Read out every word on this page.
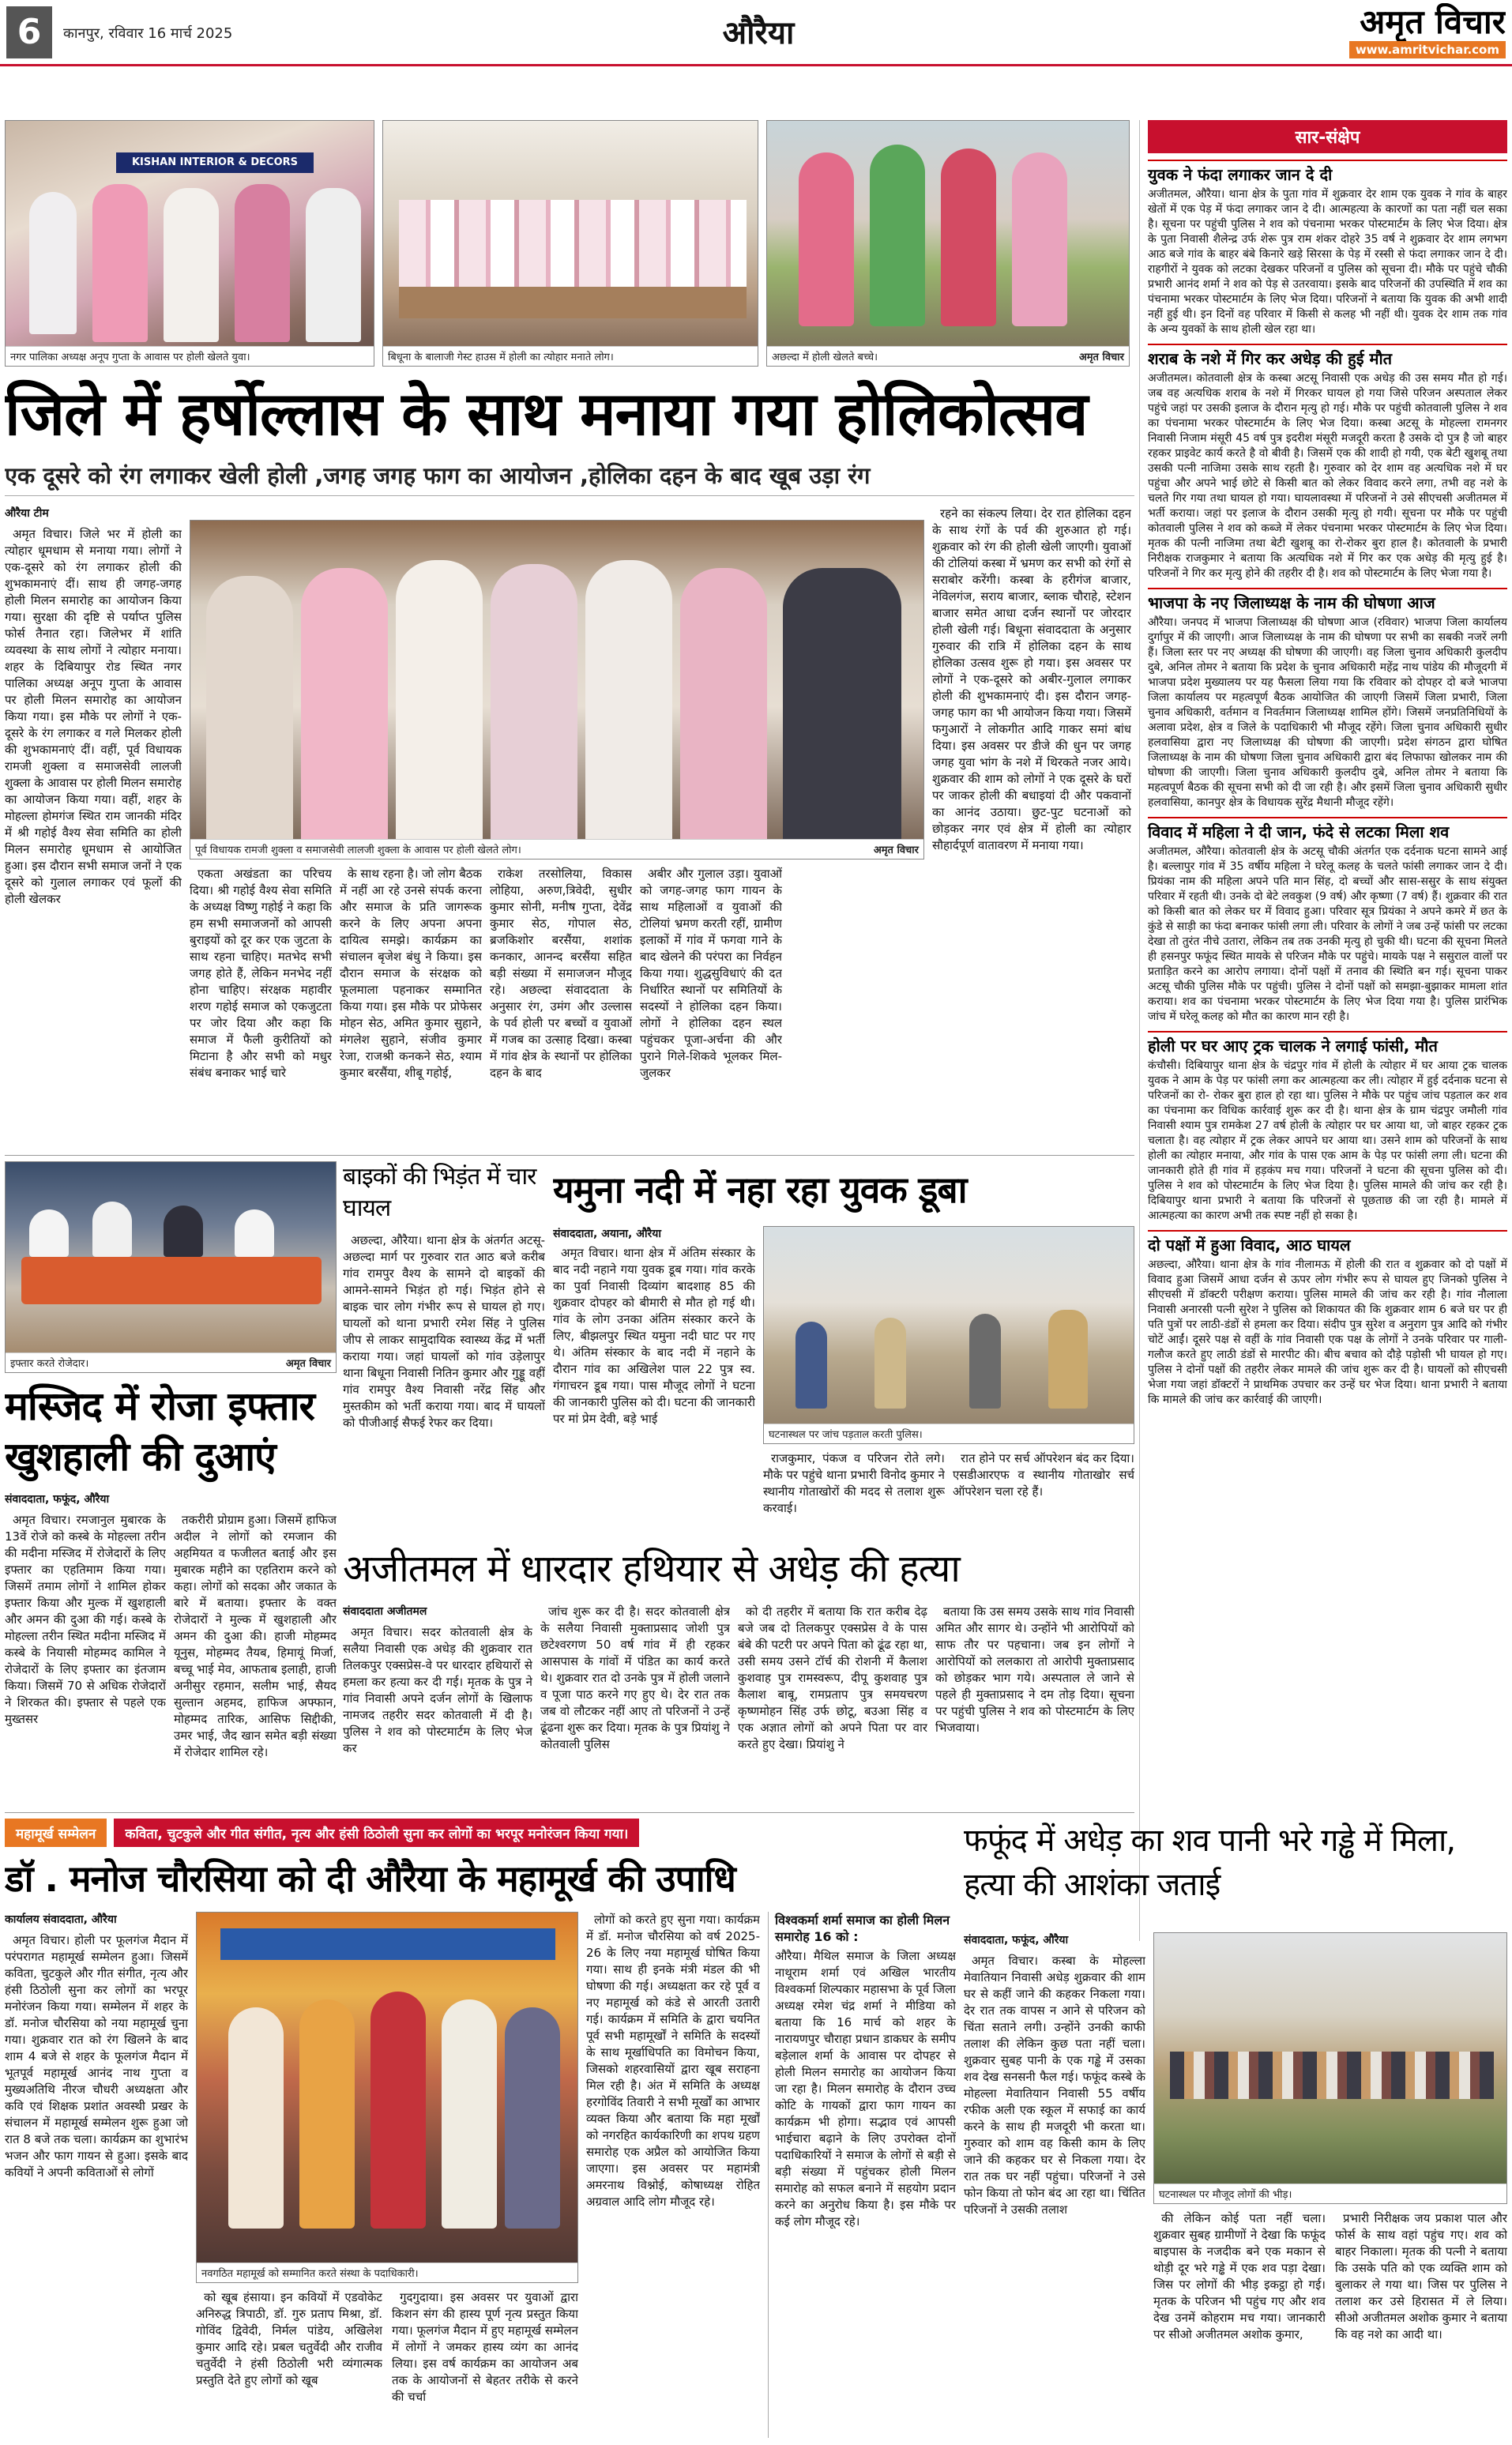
6	कानपुर, रविवार 16 मार्च 2025	औरैया	अमृत विचार
www.amritvichar.com
KISHAN INTERIOR & DECORS
नगर पालिका अध्यक्ष अनूप गुप्ता के आवास पर होली खेलते युवा।	बिधूना के बालाजी गेस्ट हाउस में होली का त्योहार मनाते लोग।	अछल्दा में होली खेलते बच्चे।	अमृत विचार
सार-संक्षेप
युवक ने फंदा लगाकर जान दे दी
अजीतमल, औरैया। थाना क्षेत्र के पुता गांव में शुक्रवार देर शाम एक युवक ने गांव के बाहर खेतों में एक पेड़ में फंदा लगाकर जान दे दी। आत्महत्या के कारणों का पता नहीं चल सका है। सूचना पर पहुंची पुलिस ने शव को पंचनामा भरकर पोस्टमार्टम के लिए भेज दिया। क्षेत्र के पुता निवासी शैलेन्द्र उर्फ शेरू पुत्र राम शंकर दोहरे 35 वर्ष ने शुक्रवार देर शाम लगभग आठ बजे गांव के बाहर बंबे किनारे खड़े सिरसा के पेड़ में रस्सी से फंदा लगाकर जान दे दी। राहगीरों ने युवक को लटका देखकर परिजनों व पुलिस को सूचना दी। मौके पर पहुंचे चौकी प्रभारी आनंद शर्मा ने शव को पेड़ से उतरवाया। इसके बाद परिजनों की उपस्थिति में शव का पंचनामा भरकर पोस्टमार्टम के लिए भेज दिया। परिजनों ने बताया कि युवक की अभी शादी नहीं हुई थी। इन दिनों वह परिवार में किसी से कलह भी नहीं थी। युवक देर शाम तक गांव के अन्य युवकों के साथ होली खेल रहा था।
शराब के नशे में गिर कर अधेड़ की हुई मौत
अजीतमल। कोतवाली क्षेत्र के कस्बा अटसू निवासी एक अधेड़ की उस समय मौत हो गई। जब वह अत्यधिक शराब के नशे में गिरकर घायल हो गया जिसे परिजन अस्पताल लेकर पहुंचे जहां पर उसकी इलाज के दौरान मृत्यु हो गई। मौके पर पहुंची कोतवाली पुलिस ने शव का पंचनामा भरकर पोस्टमार्टम के लिए भेज दिया। कस्बा अटसू के मोहल्ला रामनगर निवासी निजाम मंसूरी 45 वर्ष पुत्र इदरीश मंसूरी मजदूरी करता है उसके दो पुत्र है जो बाहर रहकर प्राइवेट कार्य करते है वो बीवी है। जिसमें एक की शादी हो गयी, एक बेटी खुशबू तथा उसकी पत्नी नाजिमा उसके साथ रहती है। गुरुवार को देर शाम वह अत्यधिक नशे में घर पहुंचा और अपने भाई छोटे से किसी बात को लेकर विवाद करने लगा, तभी वह नशे के चलते गिर गया तथा घायल हो गया। घायलावस्था में परिजनों ने उसे सीएचसी अजीतमल में भर्ती कराया। जहां पर इलाज के दौरान उसकी मृत्यु हो गयी। सूचना पर मौके पर पहुंची कोतवाली पुलिस ने शव को कब्जे में लेकर पंचनामा भरकर पोस्टमार्टम के लिए भेज दिया। मृतक की पत्नी नाजिमा तथा बेटी खुशबू का रो-रोकर बुरा हाल है। कोतवाली के प्रभारी निरीक्षक राजकुमार ने बताया कि अत्यधिक नशे में गिर कर एक अधेड़ की मृत्यु हुई है। परिजनों ने गिर कर मृत्यु होने की तहरीर दी है। शव को पोस्टमार्टम के लिए भेजा गया है।
भाजपा के नए जिलाध्यक्ष के नाम की घोषणा आज
औरैया। जनपद में भाजपा जिलाध्यक्ष की घोषणा आज (रविवार) भाजपा जिला कार्यालय दुर्गापुर में की जाएगी। आज जिलाध्यक्ष के नाम की घोषणा पर सभी का सबकी नजरें लगी हैं। जिला स्तर पर नए अध्यक्ष की घोषणा की जाएगी। वह जिला चुनाव अधिकारी कुलदीप दुबे, अनिल तोमर ने बताया कि प्रदेश के चुनाव अधिकारी महेंद्र नाथ पांडेय की मौजूदगी में भाजपा प्रदेश मुख्यालय पर यह फैसला लिया गया कि रविवार को दोपहर दो बजे भाजपा जिला कार्यालय पर महत्वपूर्ण बैठक आयोजित की जाएगी जिसमें जिला प्रभारी, जिला चुनाव अधिकारी, वर्तमान व निवर्तमान जिलाध्यक्ष शामिल होंगे। जिसमें जनप्रतिनिधियों के अलावा प्रदेश, क्षेत्र व जिले के पदाधिकारी भी मौजूद रहेंगे। जिला चुनाव अधिकारी सुधीर हलवासिया द्वारा नए जिलाध्यक्ष की घोषणा की जाएगी। प्रदेश संगठन द्वारा घोषित जिलाध्यक्ष के नाम की घोषणा जिला चुनाव अधिकारी द्वारा बंद लिफाफा खोलकर नाम की घोषणा की जाएगी। जिला चुनाव अधिकारी कुलदीप दुबे, अनिल तोमर ने बताया कि महत्वपूर्ण बैठक की सूचना सभी को दी जा रही है। और इसमें जिला चुनाव अधिकारी सुधीर हलवासिया, कानपुर क्षेत्र के विधायक सुरेंद्र मैथानी मौजूद रहेंगे।
विवाद में महिला ने दी जान, फंदे से लटका मिला शव
अजीतमल, औरैया। कोतवाली क्षेत्र के अटसू चौकी अंतर्गत एक दर्दनाक घटना सामने आई है। बल्लापुर गांव में 35 वर्षीय महिला ने घरेलू कलह के चलते फांसी लगाकर जान दे दी। प्रियंका नाम की महिला अपने पति मान सिंह, दो बच्चों और सास-ससुर के साथ संयुक्त परिवार में रहती थी। उनके दो बेटे लवकुश (9 वर्ष) और कृष्णा (7 वर्ष) हैं। शुक्रवार की रात को किसी बात को लेकर घर में विवाद हुआ। परिवार सूत्र प्रियंका ने अपने कमरे में छत के कुंडे से साड़ी का फंदा बनाकर फांसी लगा ली। परिवार के लोगों ने जब उन्हें फांसी पर लटका देखा तो तुरंत नीचे उतारा, लेकिन तब तक उनकी मृत्यु हो चुकी थी। घटना की सूचना मिलते ही हसनपुर फफूंद स्थित मायके से परिजन मौके पर पहुंचे। मायके पक्ष ने ससुराल वालों पर प्रताड़ित करने का आरोप लगाया। दोनों पक्षों में तनाव की स्थिति बन गई। सूचना पाकर अटसू चौकी पुलिस मौके पर पहुंची। पुलिस ने दोनों पक्षों को समझा-बुझाकर मामला शांत कराया। शव का पंचनामा भरकर पोस्टमार्टम के लिए भेज दिया गया है। पुलिस प्रारंभिक जांच में घरेलू कलह को मौत का कारण मान रही है।
होली पर घर आए ट्रक चालक ने लगाई फांसी, मौत
कंचौसी। दिबियापुर थाना क्षेत्र के चंद्रपुर गांव में होली के त्योहार में घर आया ट्रक चालक युवक ने आम के पेड़ पर फांसी लगा कर आत्महत्या कर ली। त्योहार में हुई दर्दनाक घटना से परिजनों का रो- रोकर बुरा हाल हो रहा था। पुलिस ने मौके पर पहुंच जांच पड़ताल कर शव का पंचनामा कर विधिक कार्रवाई शुरू कर दी है। थाना क्षेत्र के ग्राम चंद्रपुर जमौली गांव निवासी श्याम पुत्र रामकेश 27 वर्ष होली के त्योहार पर घर आया था, जो बाहर रहकर ट्रक चलाता है। वह त्योहार में ट्रक लेकर आपने घर आया था। उसने शाम को परिजनों के साथ होली का त्योहार मनाया, और गांव के पास एक आम के पेड़ पर फांसी लगा ली। घटना की जानकारी होते ही गांव में हड़कंप मच गया। परिजनों ने घटना की सूचना पुलिस को दी। पुलिस ने शव को पोस्टमार्टम के लिए भेज दिया है। पुलिस मामले की जांच कर रही है। दिबियापुर थाना प्रभारी ने बताया कि परिजनों से पूछताछ की जा रही है। मामले में आत्महत्या का कारण अभी तक स्पष्ट नहीं हो सका है।
दो पक्षों में हुआ विवाद, आठ घायल
अछल्दा, औरैया। थाना क्षेत्र के गांव नीलामऊ में होली की रात व शुक्रवार को दो पक्षों में विवाद हुआ जिसमें आधा दर्जन से ऊपर लोग गंभीर रूप से घायल हुए जिनको पुलिस ने सीएचसी में डॉक्टरी परीक्षण कराया। पुलिस मामले की जांच कर रही है। गांव नौलाला निवासी अनारसी पत्नी सुरेश ने पुलिस को शिकायत की कि शुक्रवार शाम 6 बजे घर पर ही पति पुत्रों पर लाठी-डंडों से हमला कर दिया। संदीप पुत्र सुरेश व अनुराग पुत्र आदि को गंभीर चोटें आईं। दूसरे पक्ष से वहीं के गांव निवासी एक पक्ष के लोगों ने उनके परिवार पर गाली-गलौज करते हुए लाठी डंडों से मारपीट की। बीच बचाव को दौड़े पड़ोसी भी घायल हो गए। पुलिस ने दोनों पक्षों की तहरीर लेकर मामले की जांच शुरू कर दी है। घायलों को सीएचसी भेजा गया जहां डॉक्टरों ने प्राथमिक उपचार कर उन्हें घर भेज दिया। थाना प्रभारी ने बताया कि मामले की जांच कर कार्रवाई की जाएगी।
जिले में हर्षोल्लास के साथ मनाया गया होलिकोत्सव
एक दूसरे को रंग लगाकर खेली होली ,जगह जगह फाग का आयोजन ,होलिका दहन के बाद खूब उड़ा रंग
औरैया टीम

अमृत विचार। जिले भर में होली का त्योहार धूमधाम से मनाया गया। लोगों ने एक-दूसरे को रंग लगाकर होली की शुभकामनाएं दीं। साथ ही जगह-जगह होली मिलन समारोह का आयोजन किया गया। सुरक्षा की दृष्टि से पर्याप्त पुलिस फोर्स तैनात रहा। जिलेभर में शांति व्यवस्था के साथ लोगों ने त्योहार मनाया। शहर के दिबियापुर रोड स्थित नगर पालिका अध्यक्ष अनूप गुप्ता के आवास पर होली मिलन समारोह का आयोजन किया गया। इस मौके पर लोगों ने एक-दूसरे के रंग लगाकर व गले मिलकर होली की शुभकामनाएं दीं। वहीं, पूर्व विधायक रामजी शुक्ला व समाजसेवी लालजी शुक्ला के आवास पर होली मिलन समारोह का आयोजन किया गया। वहीं, शहर के मोहल्ला होमगंज स्थित राम जानकी मंदिर में श्री गहोई वैश्य सेवा समिति का होली मिलन समारोह धूमधाम से आयोजित हुआ। इस दौरान सभी समाज जनों ने एक दूसरे को गुलाल लगाकर एवं फूलों की होली खेलकर

पूर्व विधायक रामजी शुक्ला व समाजसेवी लालजी शुक्ला के आवास पर होली खेलते लोग।	अमृत विचार

एकता अखंडता का परिचय दिया। श्री गहोई वैश्य सेवा समिति के अध्यक्ष विष्णु गहोई ने कहा कि हम सभी समाजजनों को आपसी बुराइयों को दूर कर एक जुटता के साथ रहना चाहिए। मतभेद सभी जगह होते हैं, लेकिन मनभेद नहीं होना चाहिए। संरक्षक महावीर शरण गहोई समाज को एकजुटता पर जोर दिया और कहा कि समाज में फैली कुरीतियों को मिटाना है और सभी को मधुर संबंध बनाकर भाई चारे

के साथ रहना है। जो लोग बैठक में नहीं आ रहे उनसे संपर्क करना और समाज के प्रति जागरूक करने के लिए अपना अपना दायित्व समझे। कार्यक्रम का संचालन बृजेश बंधु ने किया। इस दौरान समाज के संरक्षक को फूलमाला पहनाकर सम्मानित किया गया। इस मौके पर प्रोफेसर मोहन सेठ, अमित कुमार सुहाने, मंगलेश सुहाने, संजीव कुमार रेजा, राजश्री कनकने सेठ, श्याम कुमार बरसैंया, शीबू गहोई,

राकेश तरसोलिया, विकास लोहिया, अरुण,त्रिवेदी, सुधीर कुमार सोनी, मनीष गुप्ता, देवेंद्र कुमार सेठ, गोपाल सेठ, ब्रजकिशोर बरसैंया, शशांक कनकार, आनन्द बरसैंया सहित बड़ी संख्या में समाजजन मौजूद रहे। अछल्दा संवाददाता के अनुसार रंग, उमंग और उल्लास के पर्व होली पर बच्चों व युवाओं में गजब का उत्साह दिखा। कस्बा में गांव क्षेत्र के स्थानों पर होलिका दहन के बाद

अबीर और गुलाल उड़ा। युवाओं को जगह-जगह फाग गायन के साथ महिलाओं व युवाओं की टोलियां भ्रमण करती रहीं, ग्रामीण इलाकों में गांव में फगवा गाने के बाद खेलने की परंपरा का निर्वहन किया गया। शुद्धसुविधाएं की दत निर्धारित स्थानों पर समितियों के सदस्यों ने होलिका दहन किया। लोगों ने होलिका दहन स्थल पहुंचकर पूजा-अर्चना की और पुराने गिले-शिकवे भूलकर मिल-जुलकर

रहने का संकल्प लिया। देर रात होलिका दहन के साथ रंगों के पर्व की शुरुआत हो गई। शुक्रवार को रंग की होली खेली जाएगी। युवाओं की टोलियां कस्बा में भ्रमण कर सभी को रंगों से सराबोर करेंगी। कस्बा के हरीगंज बाजार, नेविलगंज, सराय बाजार, ब्लाक चौराहे, स्टेशन बाजार समेत आधा दर्जन स्थानों पर जोरदार होली खेली गई। बिधूना संवाददाता के अनुसार गुरुवार की रात्रि में होलिका दहन के साथ होलिका उत्सव शुरू हो गया। इस अवसर पर लोगों ने एक-दूसरे को अबीर-गुलाल लगाकर होली की शुभकामनाएं दी। इस दौरान जगह-जगह फाग का भी आयोजन किया गया। जिसमें फगुआरों ने लोकगीत आदि गाकर समां बांध दिया। इस अवसर पर डीजे की धुन पर जगह जगह युवा भांग के नशे में थिरकते नजर आये। शुक्रवार की शाम को लोगों ने एक दूसरे के घरों पर जाकर होली की बधाइयां दी और पकवानों का आनंद उठाया। छुट-पुट घटनाओं को छोड़कर नगर एवं क्षेत्र में होली का त्योहार सौहार्दपूर्ण वातावरण में मनाया गया।

इफ्तार करते रोजेदार।	अमृत विचार
मस्जिद में रोजा इफ्तार खुशहाली की दुआएं
संवाददाता, फफूंद, औरैया

अमृत विचार। रमजानुल मुबारक के 13वें रोजे को कस्बे के मोहल्ला तरीन की मदीना मस्जिद में रोजेदारों के लिए इफ्तार का एहतिमाम किया गया। जिसमें तमाम लोगों ने शामिल होकर इफ्तार किया और मुल्क में खुशहाली और अमन की दुआ की गई। कस्बे के मोहल्ला तरीन स्थित मदीना मस्जिद में कस्बे के नियासी मोहम्मद कामिल ने रोजेदारों के लिए इफ्तार का इंतजाम किया। जिसमें 70 से अधिक रोजेदारों ने शिरकत की। इफ्तार से पहले एक मुख्तसर

तकरीरी प्रोग्राम हुआ। जिसमें हाफिज अदील ने लोगों को रमजान की अहमियत व फजीलत बताई और इस मुबारक महीने का एहतिराम करने को कहा। लोगों को सदका और जकात के बारे में बताया। इफ्तार के वक्त रोजेदारों ने मुल्क में खुशहाली और अमन की दुआ की। हाजी मोहम्मद यूनुस, मोहम्मद तैयब, हिमायूं मिर्जा, बच्चू भाई मेव, आफताब इलाही, हाजी अनीसुर रहमान, सलीम भाई, सैयद सुल्तान अहमद, हाफिज अफ्फान, मोहम्मद तारिक, आसिफ सिद्दीकी, उमर भाई, जैद खान समेत बड़ी संख्या में रोजेदार शामिल रहे।

बाइकों की भिड़ंत में चार घायल

अछल्दा, औरैया। थाना क्षेत्र के अंतर्गत अटसू-अछल्दा मार्ग पर गुरुवार रात आठ बजे करीब गांव रामपुर वैश्य के सामने दो बाइकों की आमने-सामने भिड़ंत हो गई। भिड़ंत होने से बाइक चार लोग गंभीर रूप से घायल हो गए। घायलों को थाना प्रभारी रमेश सिंह ने पुलिस जीप से लाकर सामुदायिक स्वास्थ्य केंद्र में भर्ती कराया गया। जहां घायलों को गांव उड़ेलापुर थाना बिधूना निवासी नितिन कुमार और गुड्डू वहीं गांव रामपुर वैश्य निवासी नरेंद्र सिंह और मुस्तकीम को भर्ती कराया गया। बाद में घायलों को पीजीआई सैफई रेफर कर दिया।

यमुना नदी में नहा रहा युवक डूबा
संवाददाता, अयाना, औरैया

अमृत विचार। थाना क्षेत्र में अंतिम संस्कार के बाद नदी नहाने गया युवक डूब गया। गांव करके का पुर्वा निवासी दिव्यांग बादशाह 85 की शुक्रवार दोपहर को बीमारी से मौत हो गई थी। गांव के लोग उनका अंतिम संस्कार करने के लिए, बीझलपुर स्थित यमुना नदी घाट पर गए थे। अंतिम संस्कार के बाद नदी में नहाने के दौरान गांव का अखिलेश पाल 22 पुत्र स्व. गंगाचरन डूब गया। पास मौजूद लोगों ने घटना की जानकारी पुलिस को दी। घटना की जानकारी पर मां प्रेम देवी, बड़े भाई

घटनास्थल पर जांच पड़ताल करती पुलिस।

राजकुमार, पंकज व परिजन रोते लगे। मौके पर पहुंचे थाना प्रभारी विनोद कुमार ने स्थानीय गोताखोरों की मदद से तलाश शुरू करवाई।

रात होने पर सर्च ऑपरेशन बंद कर दिया। एसडीआरएफ व स्थानीय गोताखोर सर्च ऑपरेशन चला रहे हैं।

अजीतमल में धारदार हथियार से अधेड़ की हत्या
संवाददाता अजीतमल

अमृत विचार। सदर कोतवाली क्षेत्र के सलैया निवासी एक अधेड़ की शुक्रवार रात तिलकपुर एक्सप्रेस-वे पर धारदार हथियारों से हमला कर हत्या कर दी गई। मृतक के पुत्र ने गांव निवासी अपने दर्जन लोगों के खिलाफ नामजद तहरीर सदर कोतवाली में दी है। पुलिस ने शव को पोस्टमार्टम के लिए भेज कर

जांच शुरू कर दी है। सदर कोतवाली क्षेत्र के सलैया निवासी मुक्ताप्रसाद जोशी पुत्र छटेश्वरगण 50 वर्ष गांव में ही रहकर आसपास के गांवों में पंडित का कार्य करते थे। शुक्रवार रात दो उनके पुत्र में होली जलाने व पूजा पाठ करने गए हुए थे। देर रात तक जब वो लौटकर नहीं आए तो परिजनों ने उन्हें ढूंढना शुरू कर दिया। मृतक के पुत्र प्रियांशु ने कोतवाली पुलिस

को दी तहरीर में बताया कि रात करीब देढ़ बजे जब दो तिलकपुर एक्सप्रेस वे के पास बंबे की पटरी पर अपने पिता को ढूंढ रहा था, उसी समय उसने टॉर्च की रोशनी में कैलाश कुशवाह पुत्र रामस्वरूप, दीपू कुशवाह पुत्र कैलाश बाबू, रामप्रताप पुत्र समयचरण कृष्णमोहन सिंह उर्फ छोटू, बउआ सिंह व एक अज्ञात लोगों को अपने पिता पर वार करते हुए देखा। प्रियांशु ने

बताया कि उस समय उसके साथ गांव निवासी अमित और सागर थे। उन्होंने भी आरोपियों को साफ तौर पर पहचाना। जब इन लोगों ने आरोपियों को ललकारा तो आरोपी मुक्ताप्रसाद को छोड़कर भाग गये। अस्पताल ले जाने से पहले ही मुक्ताप्रसाद ने दम तोड़ दिया। सूचना पर पहुंची पुलिस ने शव को पोस्टमार्टम के लिए भिजवाया।

महामूर्ख सम्मेलन कविता, चुटकुले और गीत संगीत, नृत्य और हंसी ठिठोली सुना कर लोगों का भरपूर मनोरंजन किया गया।
डॉ . मनोज चौरसिया को दी औरैया के महामूर्ख की उपाधि
कार्यालय संवाददाता, औरैया

अमृत विचार। होली पर फूलगंज मैदान में परंपरागत महामूर्ख सम्मेलन हुआ। जिसमें कविता, चुटकुले और गीत संगीत, नृत्य और हंसी ठिठोली सुना कर लोगों का भरपूर मनोरंजन किया गया। सम्मेलन में शहर के डॉ. मनोज चौरसिया को नया महामूर्ख चुना गया। शुक्रवार रात को रंग खिलने के बाद शाम 4 बजे से शहर के फूलगंज मैदान में भूतपूर्व महामूर्ख आनंद नाथ गुप्ता व मुख्यअतिथि नीरज चौधरी अध्यक्षता और कवि एवं शिक्षक प्रशांत अवस्थी प्रखर के संचालन में महामूर्ख सम्मेलन शुरू हुआ जो रात 8 बजे तक चला। कार्यक्रम का शुभारंभ भजन और फाग गायन से हुआ। इसके बाद कवियों ने अपनी कविताओं से लोगों

नवगठित महामूर्ख को सम्मानित करते संस्था के पदाधिकारी।

को खूब हंसाया। इन कवियों में एडवोकेट अनिरुद्ध त्रिपाठी, डॉ. गुरु प्रताप मिश्रा, डॉ. गोविंद द्विवेदी, निर्मल पांडेय, अखिलेश कुमार आदि रहे। प्रबल चतुर्वेदी और राजीव चतुर्वेदी ने हंसी ठिठोली भरी व्यंगात्मक प्रस्तुति देते हुए लोगों को खूब

गुदगुदाया। इस अवसर पर युवाओं द्वारा किशन संग की हास्य पूर्ण नृत्य प्रस्तुत किया गया। फूलगंज मैदान में हुए महामूर्ख सम्मेलन में लोगों ने जमकर हास्य व्यंग का आनंद लिया। इस वर्ष कार्यक्रम का आयोजन अब तक के आयोजनों से बेहतर तरीके से करने की चर्चा

लोगों को करते हुए सुना गया। कार्यक्रम में डॉ. मनोज चौरसिया को वर्ष 2025-26 के लिए नया महामूर्ख घोषित किया गया। साथ ही इनके मंत्री मंडल की भी घोषणा की गई। अध्यक्षता कर रहे पूर्व व नए महामूर्ख को कंडे से आरती उतारी गई। कार्यक्रम में समिति के द्वारा चयनित पूर्व सभी महामूर्खों ने समिति के सदस्यों के साथ मूर्खाधिपति का विमोचन किया, जिसको शहरवासियों द्वारा खूब सराहना मिल रही है। अंत में समिति के अध्यक्ष हरगोविंद तिवारी ने सभी मूर्खों का आभार व्यक्त किया और बताया कि महा मूर्खों को नगरहित कार्यकारिणी का शपथ ग्रहण समारोह एक अप्रैल को आयोजित किया जाएगा। इस अवसर पर महामंत्री अमरनाथ विश्नोई, कोषाध्यक्ष रोहित अग्रवाल आदि लोग मौजूद रहे।

विश्वकर्मा शर्मा समाज का होली मिलन समारोह 16 को :
औरैया। मैथिल समाज के जिला अध्यक्ष नाथूराम शर्मा एवं अखिल भारतीय विश्वकर्मा शिल्पकार महासभा के पूर्व जिला अध्यक्ष रमेश चंद्र शर्मा ने मीडिया को बताया कि 16 मार्च को शहर के नारायणपुर चौराहा प्रधान डाकघर के समीप बड़ेलाल शर्मा के आवास पर दोपहर से होली मिलन समारोह का आयोजन किया जा रहा है। मिलन समारोह के दौरान उच्च कोटि के गायकों द्वारा फाग गायन का कार्यक्रम भी होगा। सद्भाव एवं आपसी भाईचारा बढ़ाने के लिए उपरोक्त दोनों पदाधिकारियों ने समाज के लोगों से बड़ी से बड़ी संख्या में पहुंचकर होली मिलन समारोह को सफल बनाने में सहयोग प्रदान करने का अनुरोध किया है। इस मौके पर कई लोग मौजूद रहे।
फफूंद में अधेड़ का शव पानी भरे गड्ढे में मिला, हत्या की आशंका जताई
संवाददाता, फफूंद, औरैया

अमृत विचार। कस्बा के मोहल्ला मेवातियान निवासी अधेड़ शुक्रवार की शाम घर से कहीं जाने की कहकर निकला गया। देर रात तक वापस न आने से परिजन को चिंता सताने लगी। उन्होंने उनकी काफी तलाश की लेकिन कुछ पता नहीं चला। शुक्रवार सुबह पानी के एक गड्ढे में उसका शव देख सनसनी फैल गई। फफूंद कस्बे के मोहल्ला मेवातियान निवासी 55 वर्षीय रफीक अली एक स्कूल में सफाई का कार्य करने के साथ ही मजदूरी भी करता था। गुरुवार को शाम वह किसी काम के लिए जाने की कहकर घर से निकला गया। देर रात तक घर नहीं पहुंचा। परिजनों ने उसे फोन किया तो फोन बंद आ रहा था। चिंतित परिजनों ने उसकी तलाश

घटनास्थल पर मौजूद लोगों की भीड़।

की लेकिन कोई पता नहीं चला। शुक्रवार सुबह ग्रामीणों ने देखा कि फफूंद बाइपास के नजदीक बने एक मकान से थोड़ी दूर भरे गड्ढे में एक शव पड़ा देखा। जिस पर लोगों की भीड़ इकट्ठा हो गई। मृतक के परिजन भी पहुंच गए और शव देख उनमें कोहराम मच गया। जानकारी पर सीओ अजीतमल अशोक कुमार,

प्रभारी निरीक्षक जय प्रकाश पाल और फोर्स के साथ वहां पहुंच गए। शव को बाहर निकाला। मृतक की पत्नी ने बताया कि उसके पति को एक व्यक्ति शाम को बुलाकर ले गया था। जिस पर पुलिस ने तलाश कर उसे हिरासत में ले लिया। सीओ अजीतमल अशोक कुमार ने बताया कि वह नशे का आदी था।
